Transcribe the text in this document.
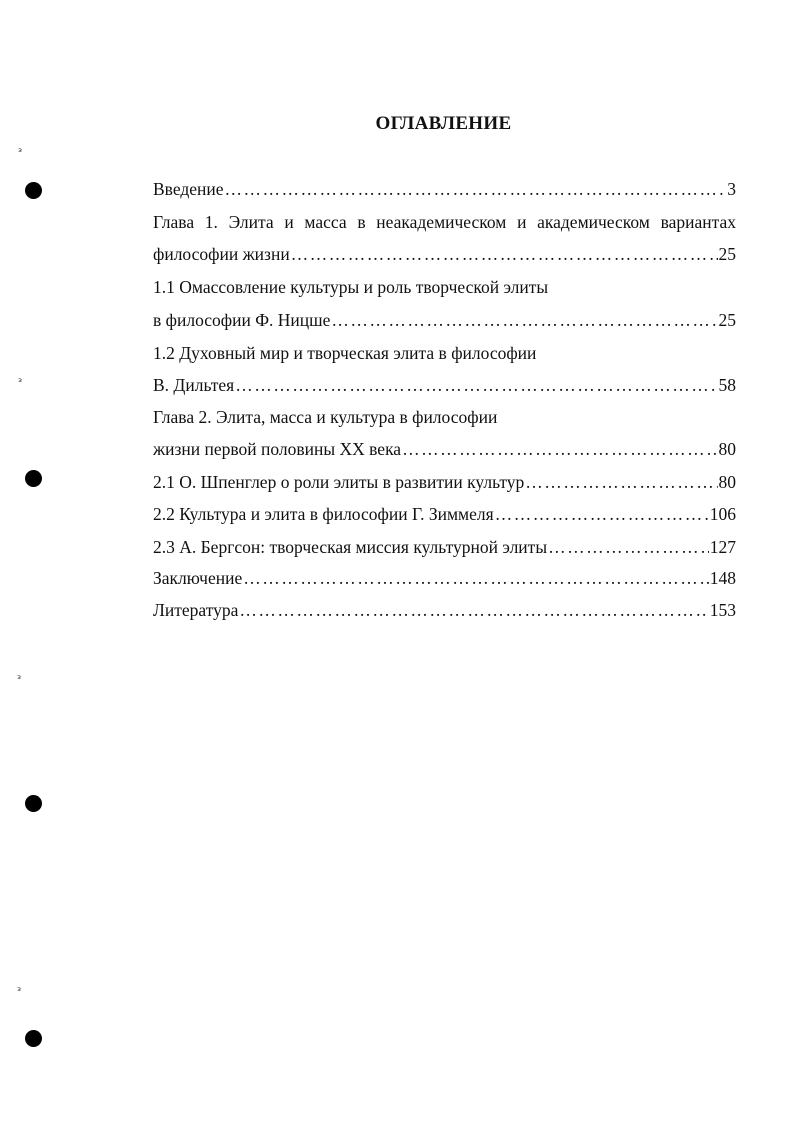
ОГЛАВЛЕНИЕ
Введение …………………………………………………………………………………………………………………………………………………………………………	3
Глава 1. Элита и масса в неакадемическом и академическом вариантах
философии жизни …………………………………………………………………………………………………………………………………………………………………………	25
1.1 Омассовление культуры и роль творческой элиты
в философии Ф. Ницше …………………………………………………………………………………………………………………………………………………………………………	25
1.2 Духовный мир и творческая элита в философии
В. Дильтея …………………………………………………………………………………………………………………………………………………………………………	58
Глава 2. Элита, масса и культура в философии
жизни первой половины XX века …………………………………………………………………………………………………………………………………………………………………………	80
2.1 О. Шпенглер о роли элиты в развитии культур …………………………………………………………………………………………………………………………………………………………………………	80
2.2 Культура и элита в философии Г. Зиммеля …………………………………………………………………………………………………………………………………………………………………………	106
2.3 А. Бергсон: творческая миссия культурной элиты …………………………………………………………………………………………………………………………………………………………………………	127
Заключение …………………………………………………………………………………………………………………………………………………………………………	148
Литература …………………………………………………………………………………………………………………………………………………………………………	153
ᵌ
ᵌ
ᵌ
ᵌ
